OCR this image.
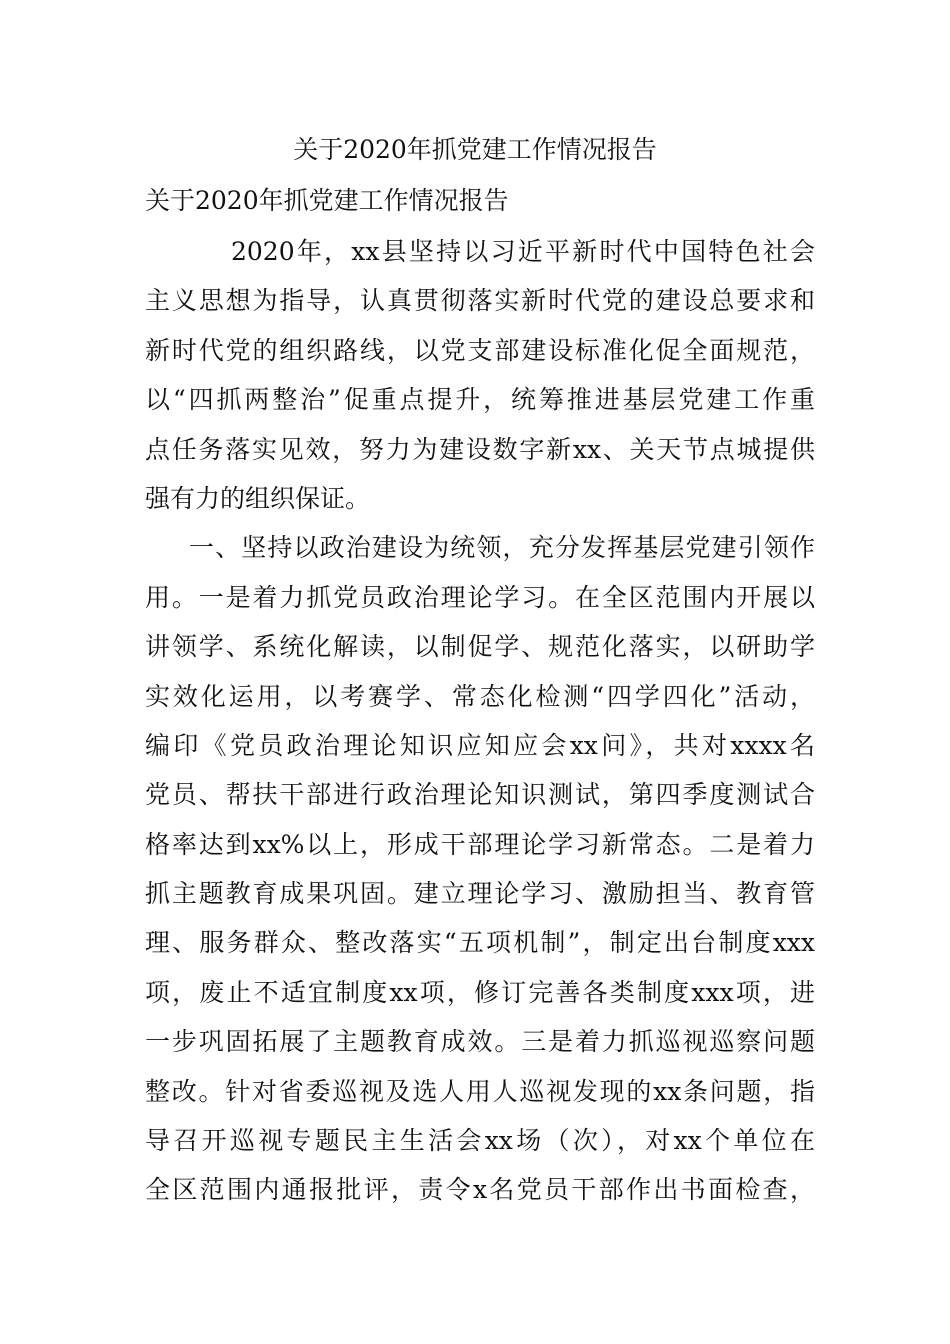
关于2020年抓党建工作情况报告
关于2020年抓党建工作情况报告
2020年，xx县坚持以习近平新时代中国特色社会
主义思想为指导，认真贯彻落实新时代党的建设总要求和
新时代党的组织路线，以党支部建设标准化促全面规范，
以“四抓两整治”促重点提升，统筹推进基层党建工作重
点任务落实见效，努力为建设数字新xx、关天节点城提供
强有力的组织保证。
一、坚持以政治建设为统领，充分发挥基层党建引领作
用。一是着力抓党员政治理论学习。在全区范围内开展以
讲领学、系统化解读，以制促学、规范化落实，以研助学
实效化运用，以考赛学、常态化检测“四学四化”活动，
编印《党员政治理论知识应知应会xx问》，共对xxxx名
党员、帮扶干部进行政治理论知识测试，第四季度测试合
格率达到xx%以上，形成干部理论学习新常态。二是着力
抓主题教育成果巩固。建立理论学习、激励担当、教育管
理、服务群众、整改落实“五项机制”，制定出台制度xxx
项，废止不适宜制度xx项，修订完善各类制度xxx项，进
一步巩固拓展了主题教育成效。三是着力抓巡视巡察问题
整改。针对省委巡视及选人用人巡视发现的xx条问题，指
导召开巡视专题民主生活会xx场（次），对xx个单位在
全区范围内通报批评，责令x名党员干部作出书面检查，
